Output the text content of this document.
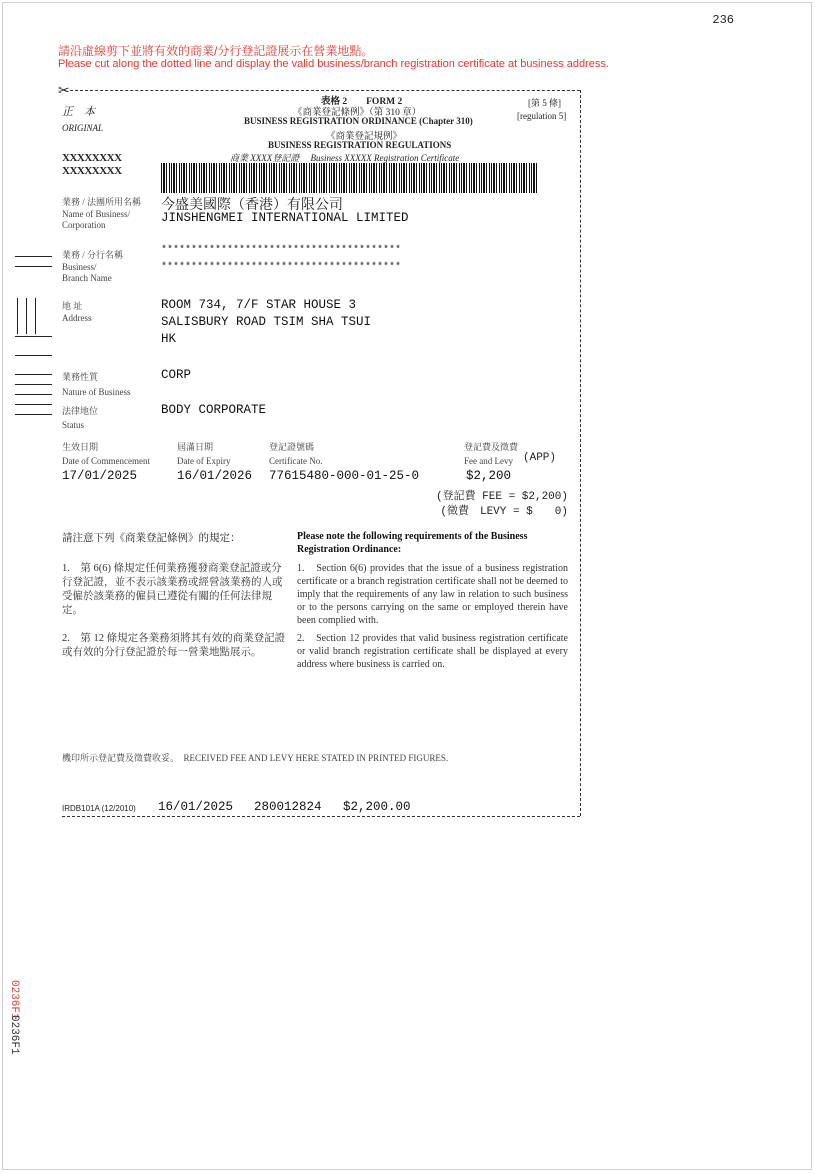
236
請沿虛線剪下並將有效的商業/分行登記證展示在營業地點。
Please cut along the dotted line and display the valid business/branch registration certificate at business address.
✂
正　本
ORIGINAL
表格 2　　FORM 2
《商業登記條例》（第 310 章）
BUSINESS REGISTRATION ORDINANCE (Chapter 310)
《商業登記規例》
BUSINESS REGISTRATION REGULATIONS
商業 XXXX登記證　 Business XXXXX Registration Certificate
[第 5 條]
[regulation 5]
XXXXXXXX
XXXXXXXX
業務 / 法團所用名稱
Name of Business/
Corporation
今盛美國際（香港）有限公司
JINSHENGMEI INTERNATIONAL LIMITED
業務 / 分行名稱
Business/
Branch Name
****************************************
****************************************
地 址
Address
ROOM 734, 7/F STAR HOUSE 3
SALISBURY ROAD TSIM SHA TSUI
HK
業務性質
Nature of Business
CORP
法律地位
Status
BODY CORPORATE
生效日期
Date of Commencement
17/01/2025
屆滿日期
Date of Expiry
16/01/2026
登記證號碼
Certificate No.
77615480-000-01-25-0
登記費及徵費
Fee and Levy (APP)
$2,200
(登記費 FEE = $2,200)
(徵費　LEVY = $　　0)
請注意下列《商業登記條例》的規定：	Please note the following requirements of the Business Registration Ordinance:
1.　第 6(6) 條規定任何業務獲發商業登記證或分行登記證，並不表示該業務或經營該業務的人或受僱於該業務的僱員已遵從有關的任何法律規定。
1.　Section 6(6) provides that the issue of a business registration certificate or a branch registration certificate shall not be deemed to imply that the requirements of any law in relation to such business or to the persons carrying on the same or employed therein have been complied with.
2.　第 12 條規定各業務須將其有效的商業登記證或有效的分行登記證於每一營業地點展示。
2.　Section 12 provides that valid business registration certificate or valid branch registration certificate shall be displayed at every address where business is carried on.
機印所示登記費及徵費收妥。　RECEIVED FEE AND LEVY HERE STATED IN PRINTED FIGURES.
IRDB101A (12/2010) 16/01/2025 280012824 $2,200.00
0236F1
0236F1
